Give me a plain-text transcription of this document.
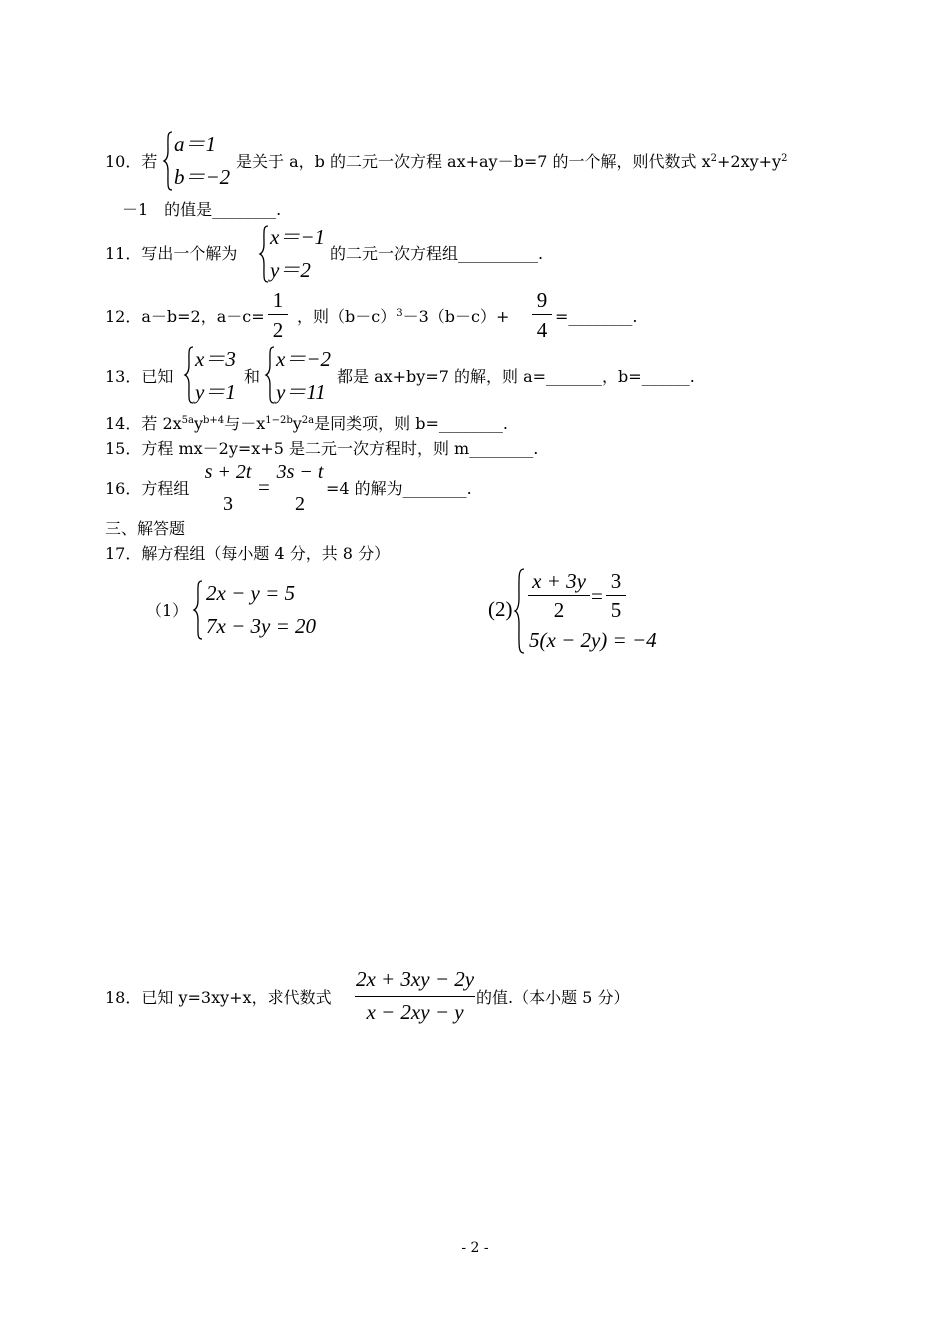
10．若
a＝1
b＝−2
是关于 a，b 的二元一次方程 ax+ay－b=7 的一个解，则代数式 $x^2+2xy+y^2$
－1　的值是________.
11．写出一个解为
x＝−1
y＝2
的二元一次方程组__________.
12．a－b=2，a－c=
1
2
，则$(b-c)^3-3(b-c)+$
9
4
=________.
13．已知
x＝3
y＝1
和
x＝−2
y＝11
都是 ax+by=7 的解，则 a=_______，b=______.
14．若 $2x^{5a}y^{b+4}$与$-x^{1-2b}y^{2a}$是同类项，则 b=________.
15．方程 mx－2y=x+5 是二元一次方程时，则 m________.
16．方程组
s + 2t
3
=
3s − t
2
=4 的解为________.
三、解答题
17．解方程组（每小题 4 分，共 8 分）
（1）
2x − y = 5
7x − 3y = 20
(2)
x + 3y
2
=
3
5
5(x − 2y) = −4
18．已知 y=3xy+x，求代数式
2x + 3xy − 2y
x − 2xy − y
的值.（本小题 5 分）
- 2 -
